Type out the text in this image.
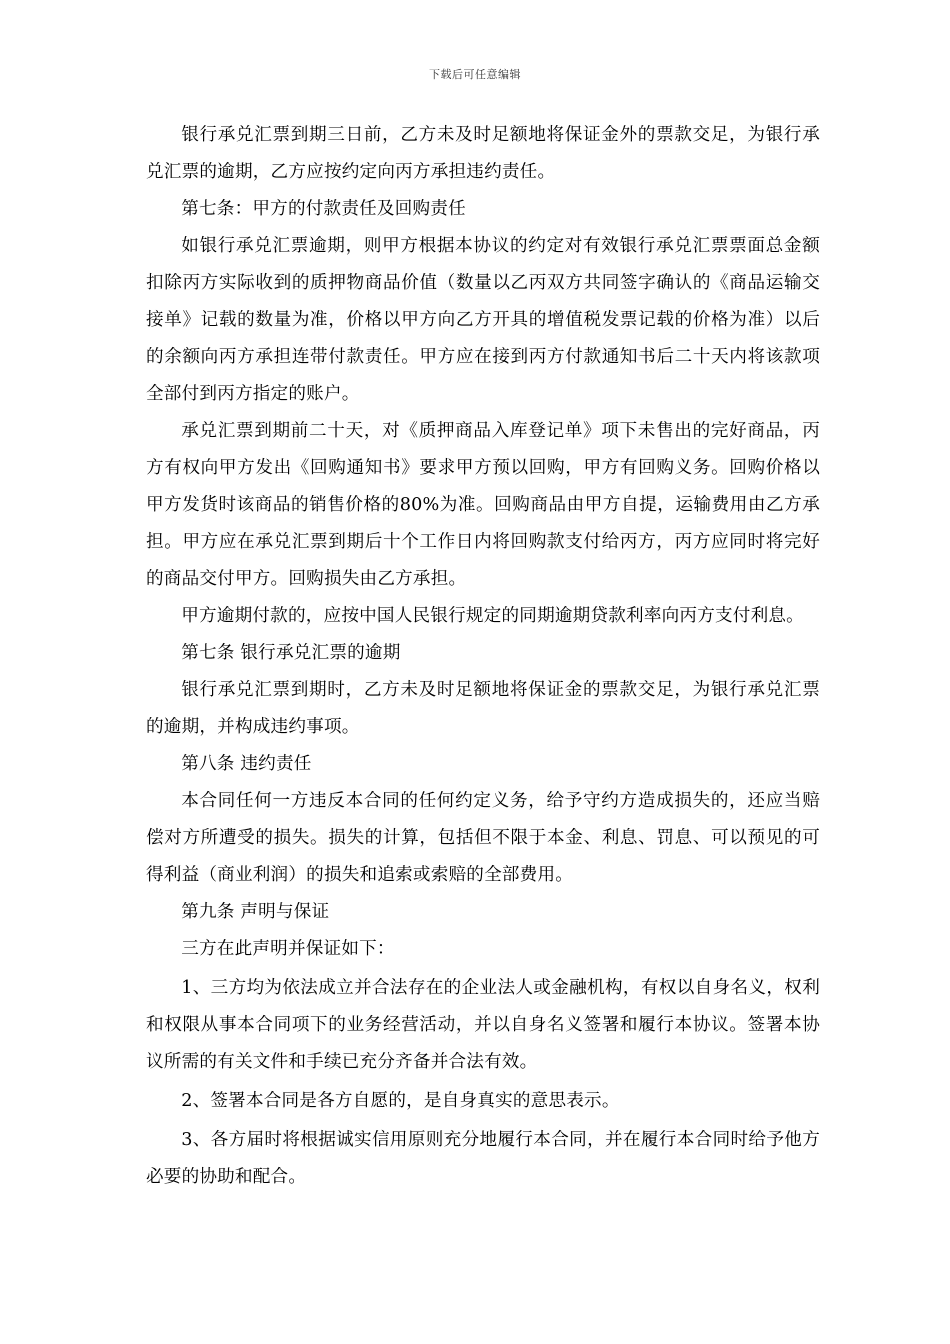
下载后可任意编辑

银行承兑汇票到期三日前，乙方未及时足额地将保证金外的票款交足，为银行承兑汇票的逾期，乙方应按约定向丙方承担违约责任。

第七条：甲方的付款责任及回购责任

如银行承兑汇票逾期，则甲方根据本协议的约定对有效银行承兑汇票票面总金额扣除丙方实际收到的质押物商品价值（数量以乙丙双方共同签字确认的《商品运输交接单》记载的数量为准，价格以甲方向乙方开具的增值税发票记载的价格为准）以后的余额向丙方承担连带付款责任。甲方应在接到丙方付款通知书后二十天内将该款项全部付到丙方指定的账户。

承兑汇票到期前二十天，对《质押商品入库登记单》项下未售出的完好商品，丙方有权向甲方发出《回购通知书》要求甲方预以回购，甲方有回购义务。回购价格以甲方发货时该商品的销售价格的80%为准。回购商品由甲方自提，运输费用由乙方承担。甲方应在承兑汇票到期后十个工作日内将回购款支付给丙方，丙方应同时将完好的商品交付甲方。回购损失由乙方承担。

甲方逾期付款的，应按中国人民银行规定的同期逾期贷款利率向丙方支付利息。

第七条 银行承兑汇票的逾期

银行承兑汇票到期时，乙方未及时足额地将保证金的票款交足，为银行承兑汇票的逾期，并构成违约事项。

第八条 违约责任

本合同任何一方违反本合同的任何约定义务，给予守约方造成损失的，还应当赔偿对方所遭受的损失。损失的计算，包括但不限于本金、利息、罚息、可以预见的可得利益（商业利润）的损失和追索或索赔的全部费用。

第九条 声明与保证

三方在此声明并保证如下：

1、三方均为依法成立并合法存在的企业法人或金融机构，有权以自身名义，权利和权限从事本合同项下的业务经营活动，并以自身名义签署和履行本协议。签署本协议所需的有关文件和手续已充分齐备并合法有效。

2、签署本合同是各方自愿的，是自身真实的意思表示。

3、各方届时将根据诚实信用原则充分地履行本合同，并在履行本合同时给予他方必要的协助和配合。
